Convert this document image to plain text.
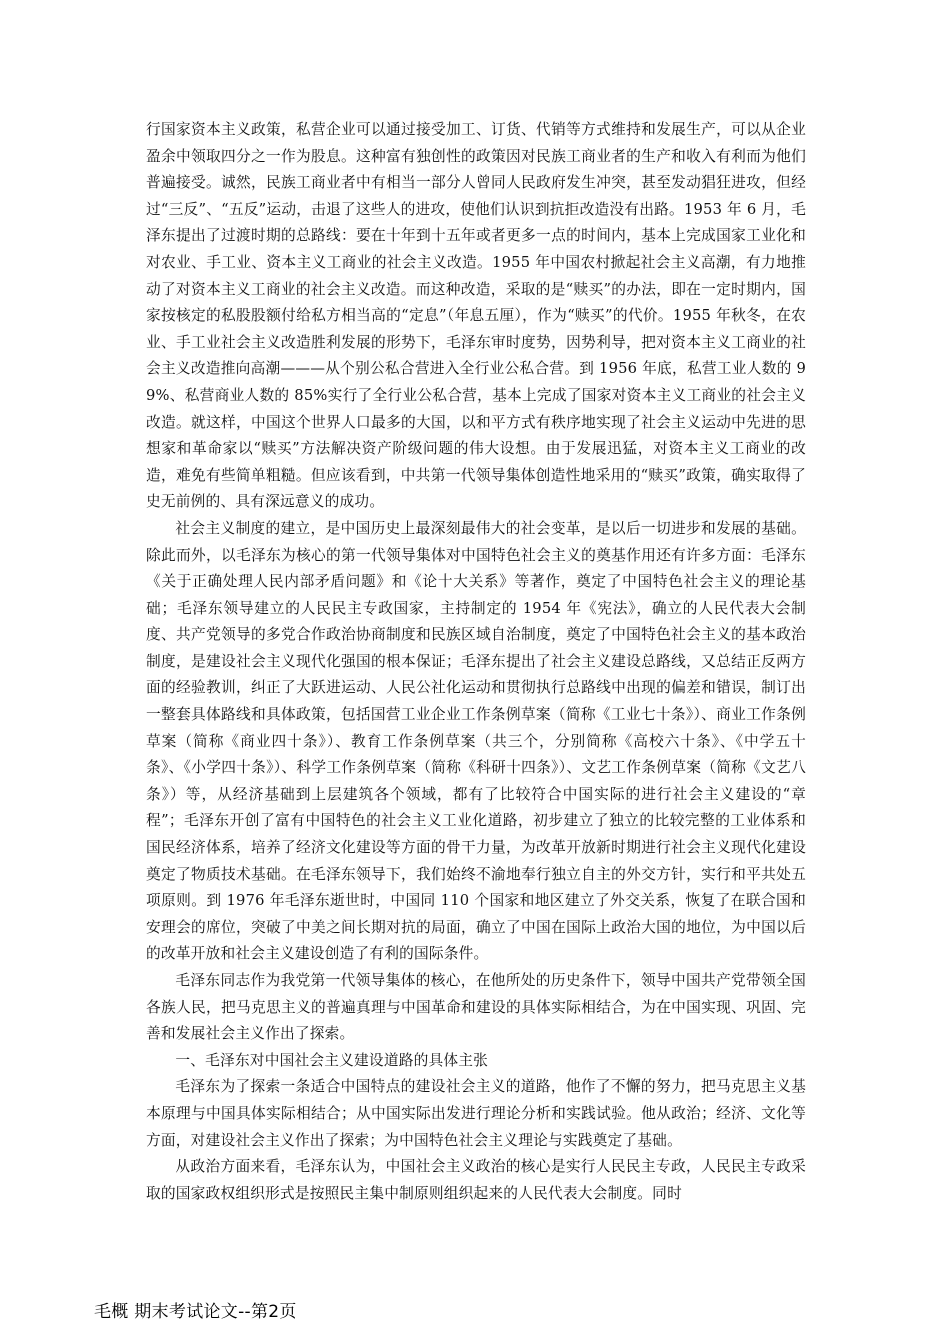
行国家资本主义政策，私营企业可以通过接受加工、订货、代销等方式维持和发展生产，可以从企业盈余中领取四分之一作为股息。这种富有独创性的政策因对民族工商业者的生产和收入有利而为他们普遍接受。诚然，民族工商业者中有相当一部分人曾同人民政府发生冲突，甚至发动猖狂进攻，但经过“三反”、“五反”运动，击退了这些人的进攻，使他们认识到抗拒改造没有出路。1953 年 6 月，毛泽东提出了过渡时期的总路线：要在十年到十五年或者更多一点的时间内，基本上完成国家工业化和对农业、手工业、资本主义工商业的社会主义改造。1955 年中国农村掀起社会主义高潮，有力地推动了对资本主义工商业的社会主义改造。而这种改造，采取的是“赎买”的办法，即在一定时期内，国家按核定的私股股额付给私方相当高的“定息”（年息五厘），作为“赎买”的代价。1955 年秋冬，在农业、手工业社会主义改造胜利发展的形势下，毛泽东审时度势，因势利导，把对资本主义工商业的社会主义改造推向高潮———从个别公私合营进入全行业公私合营。到 1956 年底，私营工业人数的 99%、私营商业人数的 85%实行了全行业公私合营，基本上完成了国家对资本主义工商业的社会主义改造。就这样，中国这个世界人口最多的大国，以和平方式有秩序地实现了社会主义运动中先进的思想家和革命家以“赎买”方法解决资产阶级问题的伟大设想。由于发展迅猛，对资本主义工商业的改造，难免有些简单粗糙。但应该看到，中共第一代领导集体创造性地采用的“赎买”政策，确实取得了史无前例的、具有深远意义的成功。

社会主义制度的建立，是中国历史上最深刻最伟大的社会变革，是以后一切进步和发展的基础。除此而外，以毛泽东为核心的第一代领导集体对中国特色社会主义的奠基作用还有许多方面：毛泽东《关于正确处理人民内部矛盾问题》和《论十大关系》等著作，奠定了中国特色社会主义的理论基础；毛泽东领导建立的人民民主专政国家，主持制定的 1954 年《宪法》，确立的人民代表大会制度、共产党领导的多党合作政治协商制度和民族区域自治制度，奠定了中国特色社会主义的基本政治制度，是建设社会主义现代化强国的根本保证；毛泽东提出了社会主义建设总路线，又总结正反两方面的经验教训，纠正了大跃进运动、人民公社化运动和贯彻执行总路线中出现的偏差和错误，制订出一整套具体路线和具体政策，包括国营工业企业工作条例草案（简称《工业七十条》）、商业工作条例草案（简称《商业四十条》）、教育工作条例草案（共三个，分别简称《高校六十条》、《中学五十条》、《小学四十条》）、科学工作条例草案（简称《科研十四条》）、文艺工作条例草案（简称《文艺八条》）等，从经济基础到上层建筑各个领域，都有了比较符合中国实际的进行社会主义建设的“章程”；毛泽东开创了富有中国特色的社会主义工业化道路，初步建立了独立的比较完整的工业体系和国民经济体系，培养了经济文化建设等方面的骨干力量，为改革开放新时期进行社会主义现代化建设奠定了物质技术基础。在毛泽东领导下，我们始终不渝地奉行独立自主的外交方针，实行和平共处五项原则。到 1976 年毛泽东逝世时，中国同 110 个国家和地区建立了外交关系，恢复了在联合国和安理会的席位，突破了中美之间长期对抗的局面，确立了中国在国际上政治大国的地位，为中国以后的改革开放和社会主义建设创造了有利的国际条件。

毛泽东同志作为我党第一代领导集体的核心，在他所处的历史条件下，领导中国共产党带领全国各族人民，把马克思主义的普遍真理与中国革命和建设的具体实际相结合，为在中国实现、巩固、完善和发展社会主义作出了探索。

一、毛泽东对中国社会主义建设道路的具体主张

毛泽东为了探索一条适合中国特点的建设社会主义的道路，他作了不懈的努力，把马克思主义基本原理与中国具体实际相结合；从中国实际出发进行理论分析和实践试验。他从政治；经济、文化等方面，对建设社会主义作出了探索；为中国特色社会主义理论与实践奠定了基础。

从政治方面来看，毛泽东认为，中国社会主义政治的核心是实行人民民主专政，人民民主专政采取的国家政权组织形式是按照民主集中制原则组织起来的人民代表大会制度。同时

毛概 期末考试论文--第2页
